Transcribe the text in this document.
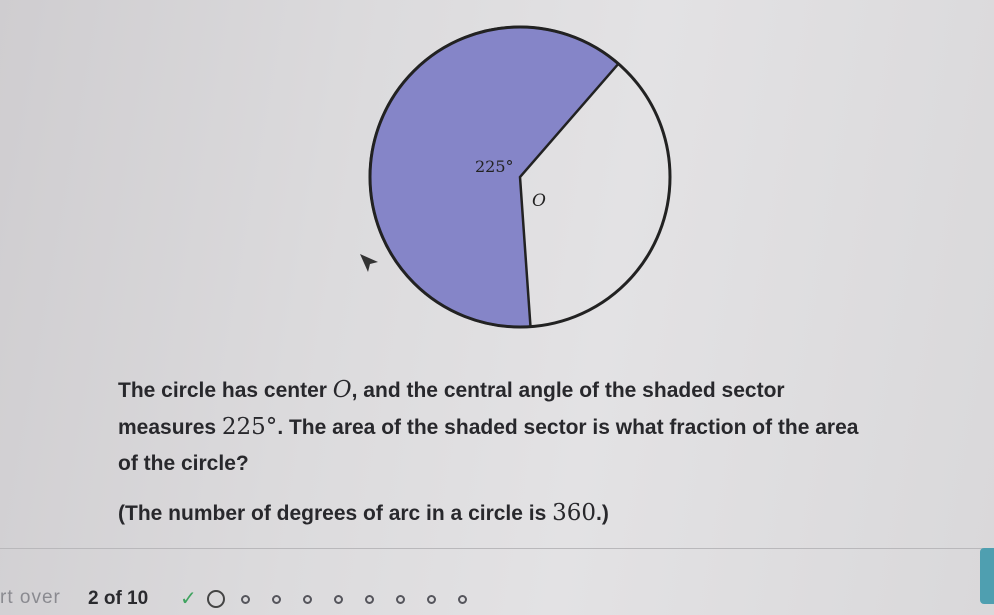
225°
O

The circle has center O, and the central angle of the shaded sector

measures 225°. The area of the shaded sector is what fraction of the area

of the circle?

(The number of degrees of arc in a circle is 360.)
rt over 2 of 10 ✓
